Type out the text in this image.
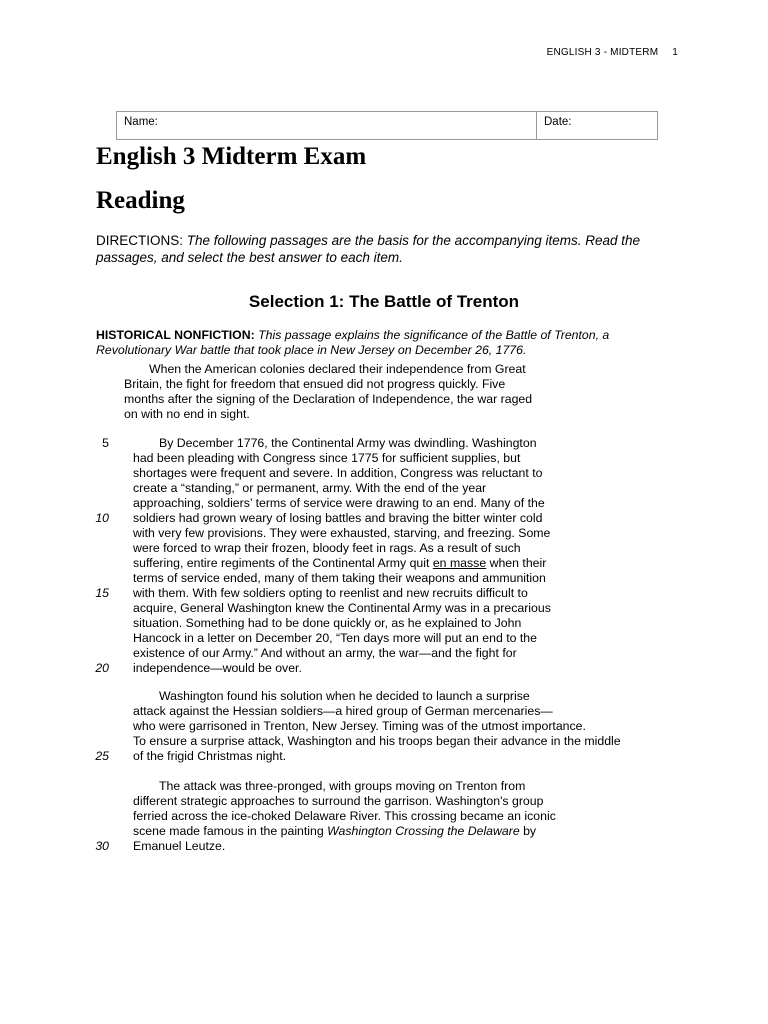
ENGLISH 3 - MIDTERM 1
Name:	Date:
English 3 Midterm Exam
Reading

DIRECTIONS: The following passages are the basis for the accompanying items. Read the passages, and select the best answer to each item.

Selection 1: The Battle of Trenton

HISTORICAL NONFICTION: This passage explains the significance of the Battle of Trenton, a Revolutionary War battle that took place in New Jersey on December 26, 1776.

When the American colonies declared their independence from Great
Britain, the fight for freedom that ensued did not progress quickly. Five
months after the signing of the Declaration of Independence, the war raged
on with no end in sight.
By December 1776, the Continental Army was dwindling. Washington
had been pleading with Congress since 1775 for sufficient supplies, but
shortages were frequent and severe. In addition, Congress was reluctant to
create a “standing,” or permanent, army. With the end of the year
approaching, soldiers’ terms of service were drawing to an end. Many of the
soldiers had grown weary of losing battles and braving the bitter winter cold
with very few provisions. They were exhausted, starving, and freezing. Some
were forced to wrap their frozen, bloody feet in rags. As a result of such
suffering, entire regiments of the Continental Army quit en masse when their
terms of service ended, many of them taking their weapons and ammunition
with them. With few soldiers opting to reenlist and new recruits difficult to
acquire, General Washington knew the Continental Army was in a precarious
situation. Something had to be done quickly or, as he explained to John
Hancock in a letter on December 20, “Ten days more will put an end to the
existence of our Army.” And without an army, the war—and the fight for
independence—would be over.
Washington found his solution when he decided to launch a surprise
attack against the Hessian soldiers—a hired group of German mercenaries—
who were garrisoned in Trenton, New Jersey. Timing was of the utmost importance.
To ensure a surprise attack, Washington and his troops began their advance in the middle
of the frigid Christmas night.
The attack was three-pronged, with groups moving on Trenton from
different strategic approaches to surround the garrison. Washington's group
ferried across the ice-choked Delaware River. This crossing became an iconic
scene made famous in the painting Washington Crossing the Delaware by
Emanuel Leutze.
5
10
15
20
25
30
